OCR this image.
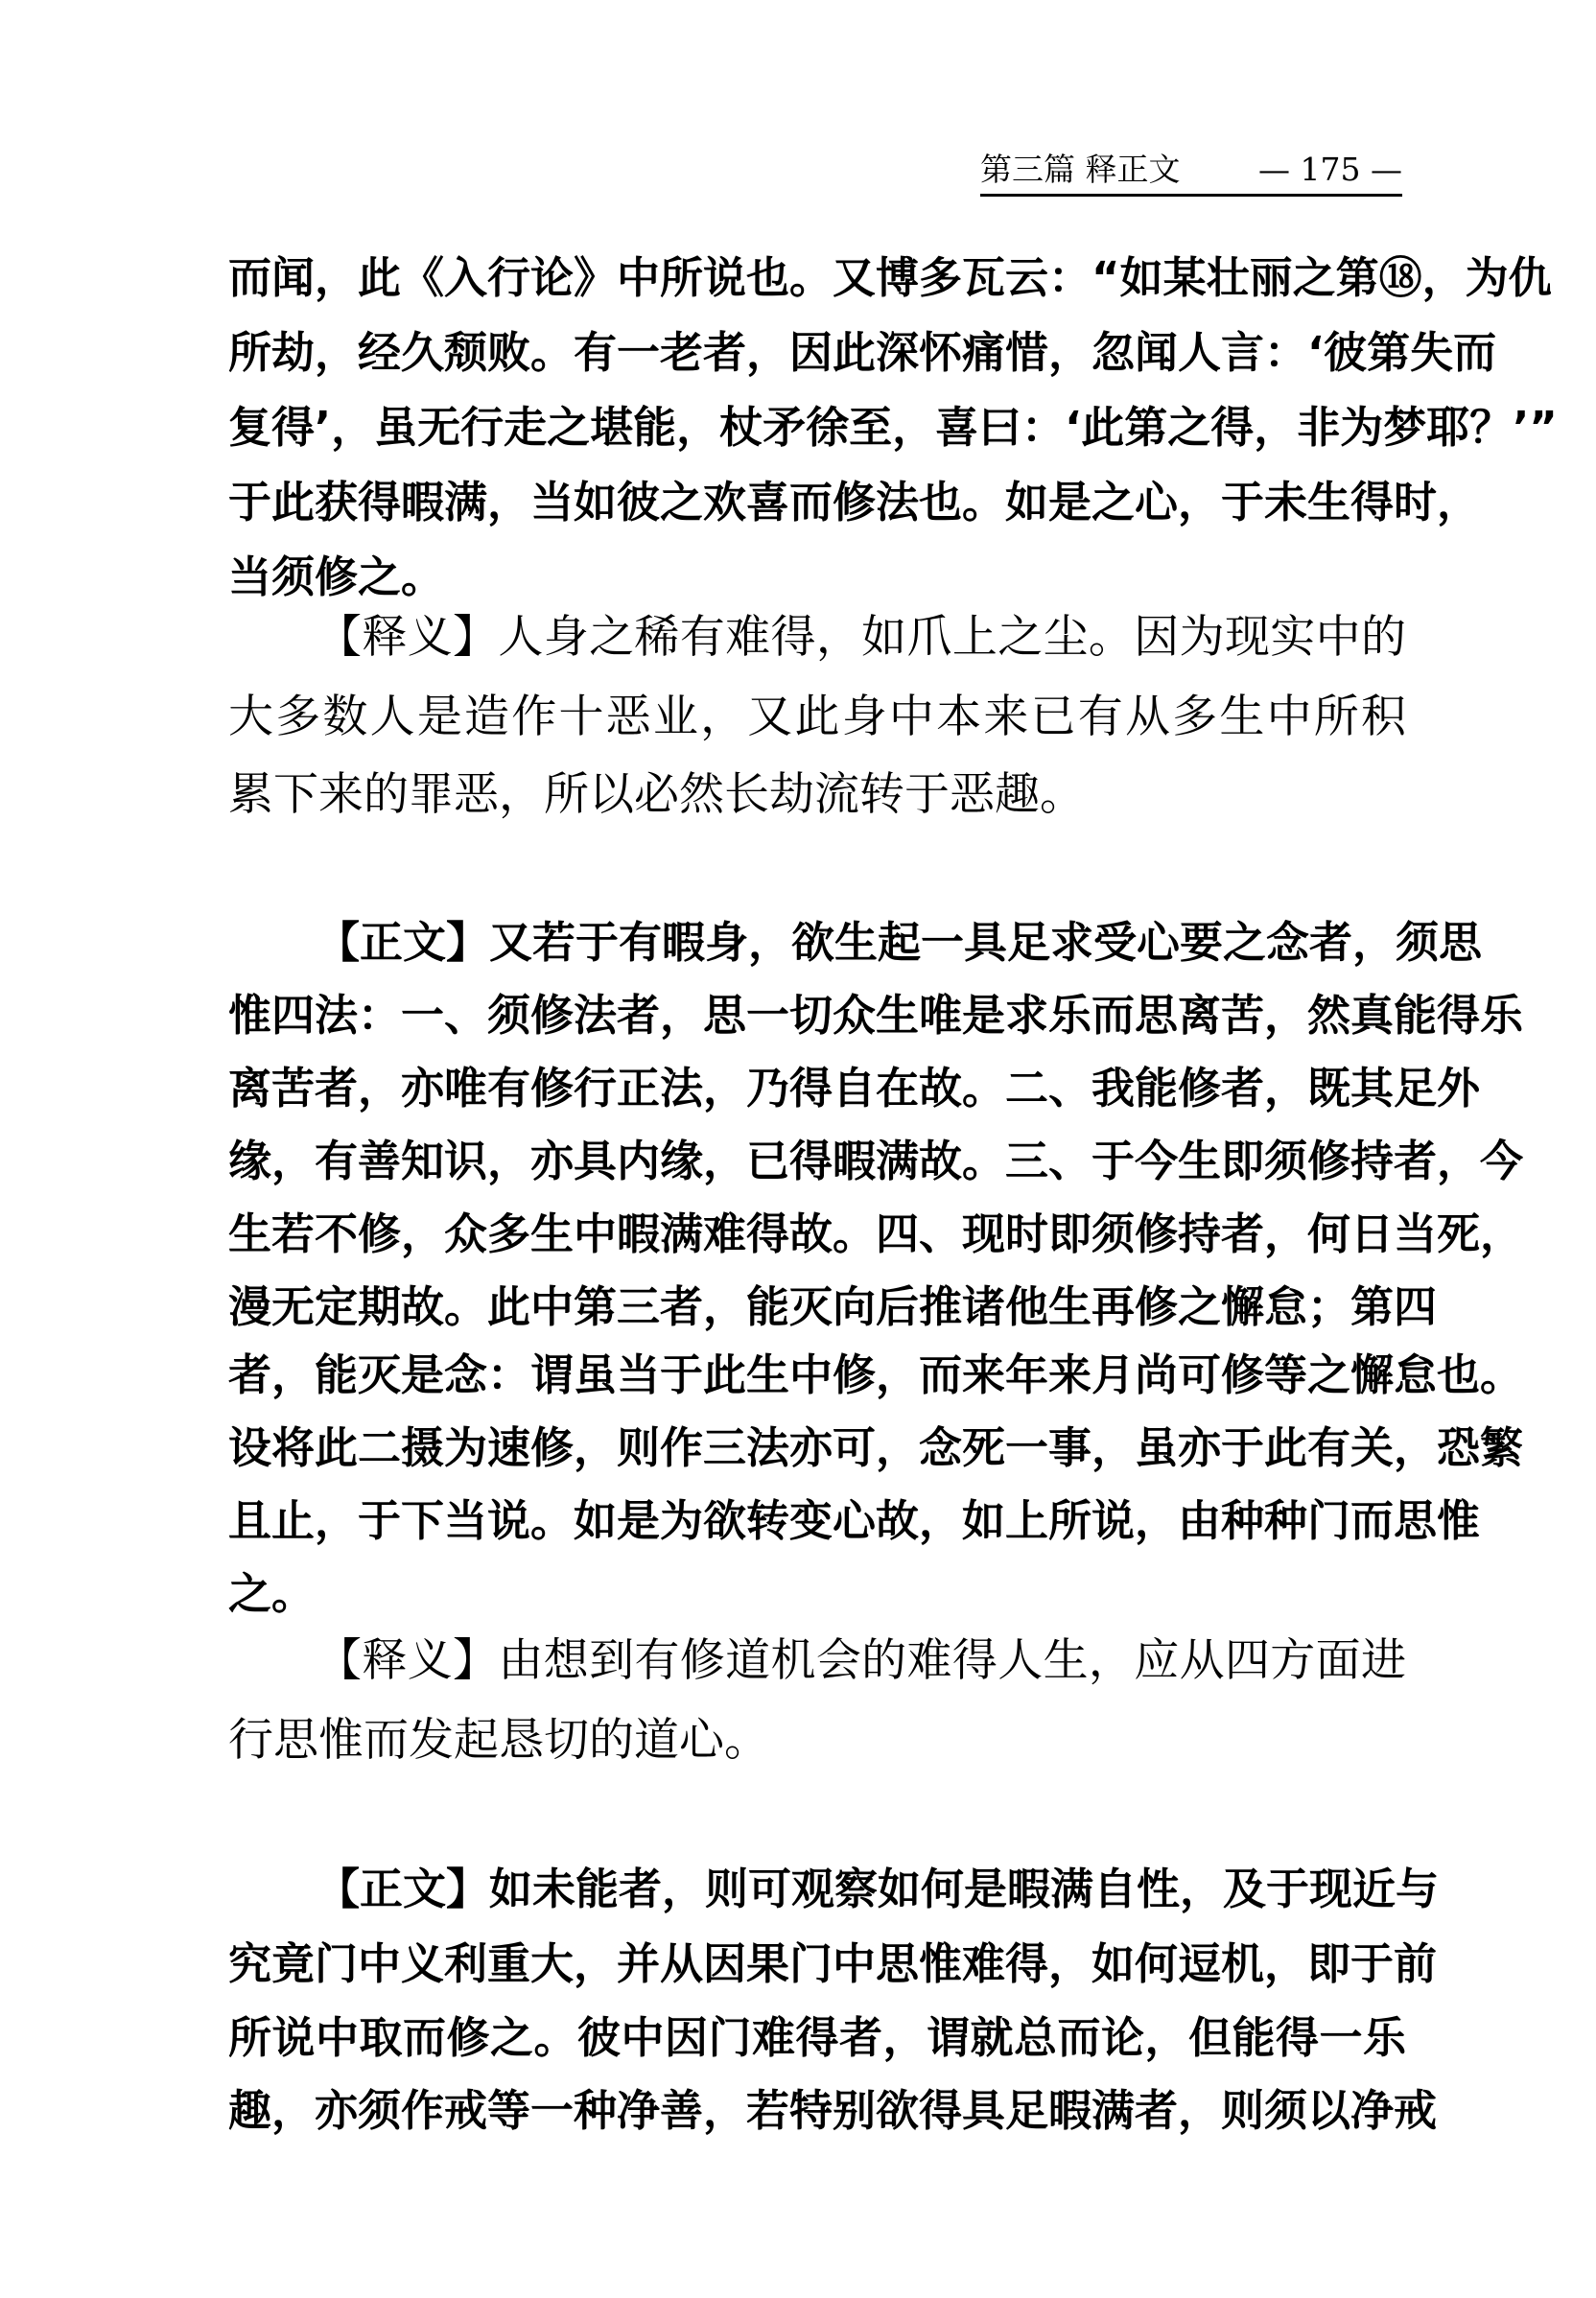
第三篇 释正文 — 175 —
而闻，此《入行论》中所说也。又博多瓦云：“如某壮丽之第⑱，为仇
所劫，经久颓败。有一老者，因此深怀痛惜，忽闻人言：‘彼第失而
复得’，虽无行走之堪能，杖矛徐至，喜曰：‘此第之得，非为梦耶？’”
于此获得暇满，当如彼之欢喜而修法也。如是之心，于未生得时，
当须修之。
【释义】人身之稀有难得，如爪上之尘。因为现实中的
大多数人是造作十恶业，又此身中本来已有从多生中所积
累下来的罪恶，所以必然长劫流转于恶趣。
【正文】又若于有暇身，欲生起一具足求受心要之念者，须思
惟四法：一、须修法者，思一切众生唯是求乐而思离苦，然真能得乐
离苦者，亦唯有修行正法，乃得自在故。二、我能修者，既其足外
缘，有善知识，亦具内缘，已得暇满故。三、于今生即须修持者，今
生若不修，众多生中暇满难得故。四、现时即须修持者，何日当死，
漫无定期故。此中第三者，能灭向后推诸他生再修之懈怠；第四
者，能灭是念：谓虽当于此生中修，而来年来月尚可修等之懈怠也。
设将此二摄为速修，则作三法亦可，念死一事，虽亦于此有关，恐繁
且止，于下当说。如是为欲转变心故，如上所说，由种种门而思惟
之。
【释义】由想到有修道机会的难得人生，应从四方面进
行思惟而发起恳切的道心。
【正文】如未能者，则可观察如何是暇满自性，及于现近与
究竟门中义利重大，并从因果门中思惟难得，如何逗机，即于前
所说中取而修之。彼中因门难得者，谓就总而论，但能得一乐
趣，亦须作戒等一种净善，若特别欲得具足暇满者，则须以净戒
